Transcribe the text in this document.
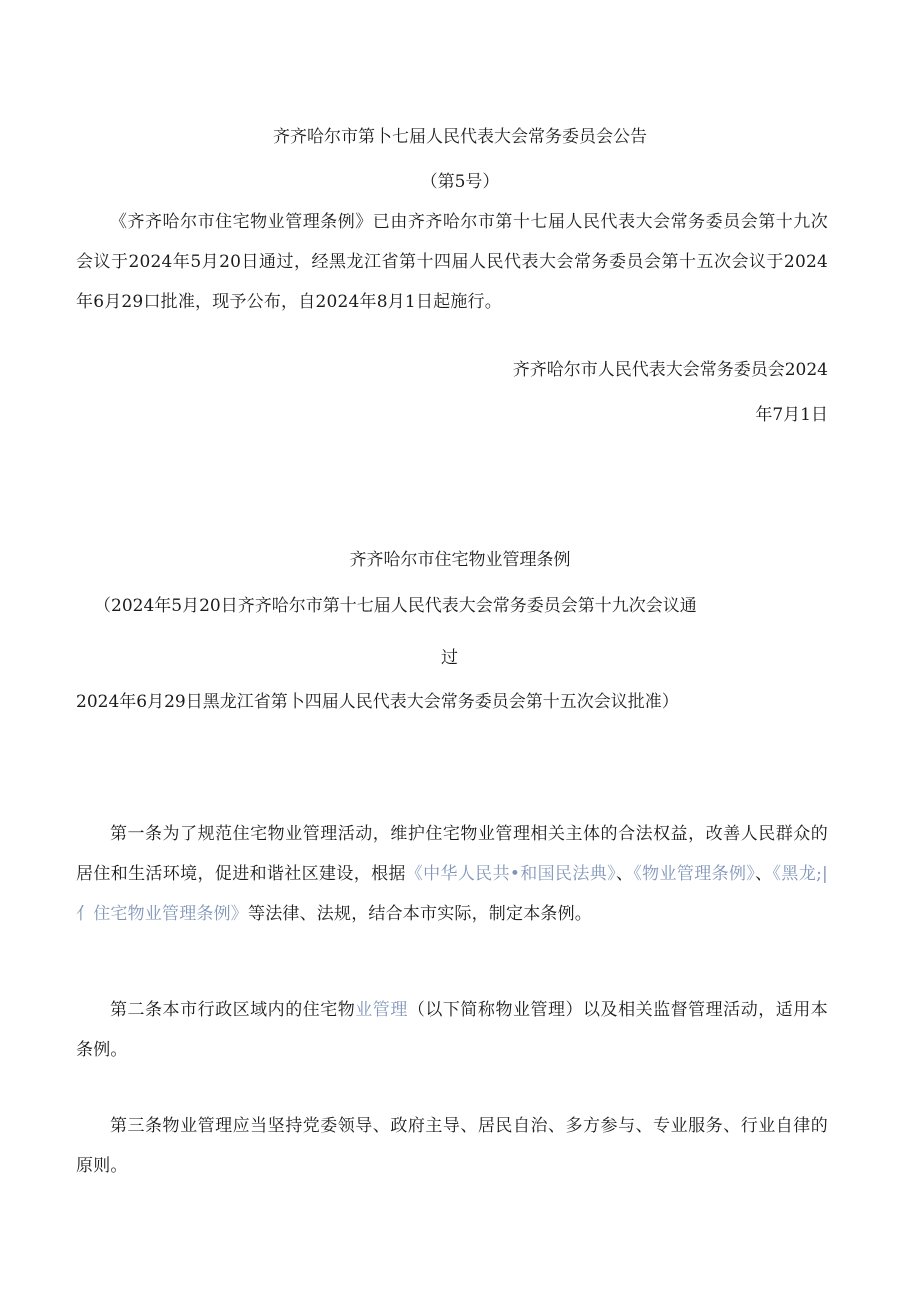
齐齐哈尔市第卜七届人民代表大会常务委员会公告
（第5号）
《齐齐哈尔市住宅物业管理条例》已由齐齐哈尔市第十七届人民代表大会常务委员会第十九次会议于2024年5月20日通过，经黑龙江省第十四届人民代表大会常务委员会第十五次会议于2024年6月29口批准，现予公布，自2024年8月1日起施行。
齐齐哈尔市人民代表大会常务委员会2024
年7月1日
齐齐哈尔市住宅物业管理条例
（2024年5月20日齐齐哈尔市第十七届人民代表大会常务委员会第十九次会议通
过
2024年6月29日黑龙江省第卜四届人民代表大会常务委员会第十五次会议批准）
第一条为了规范住宅物业管理活动，维护住宅物业管理相关主体的合法权益，改善人民群众的居住和生活环境，促进和谐社区建设，根据《中华人民共•和国民法典》、《物业管理条例》、《黑龙;|亻住宅物业管理条例》等法律、法规，结合本市实际，制定本条例。
第二条本市行政区域内的住宅物业管理（以下简称物业管理）以及相关监督管理活动，适用本条例。
第三条物业管理应当坚持党委领导、政府主导、居民自治、多方参与、专业服务、行业自律的原则。
